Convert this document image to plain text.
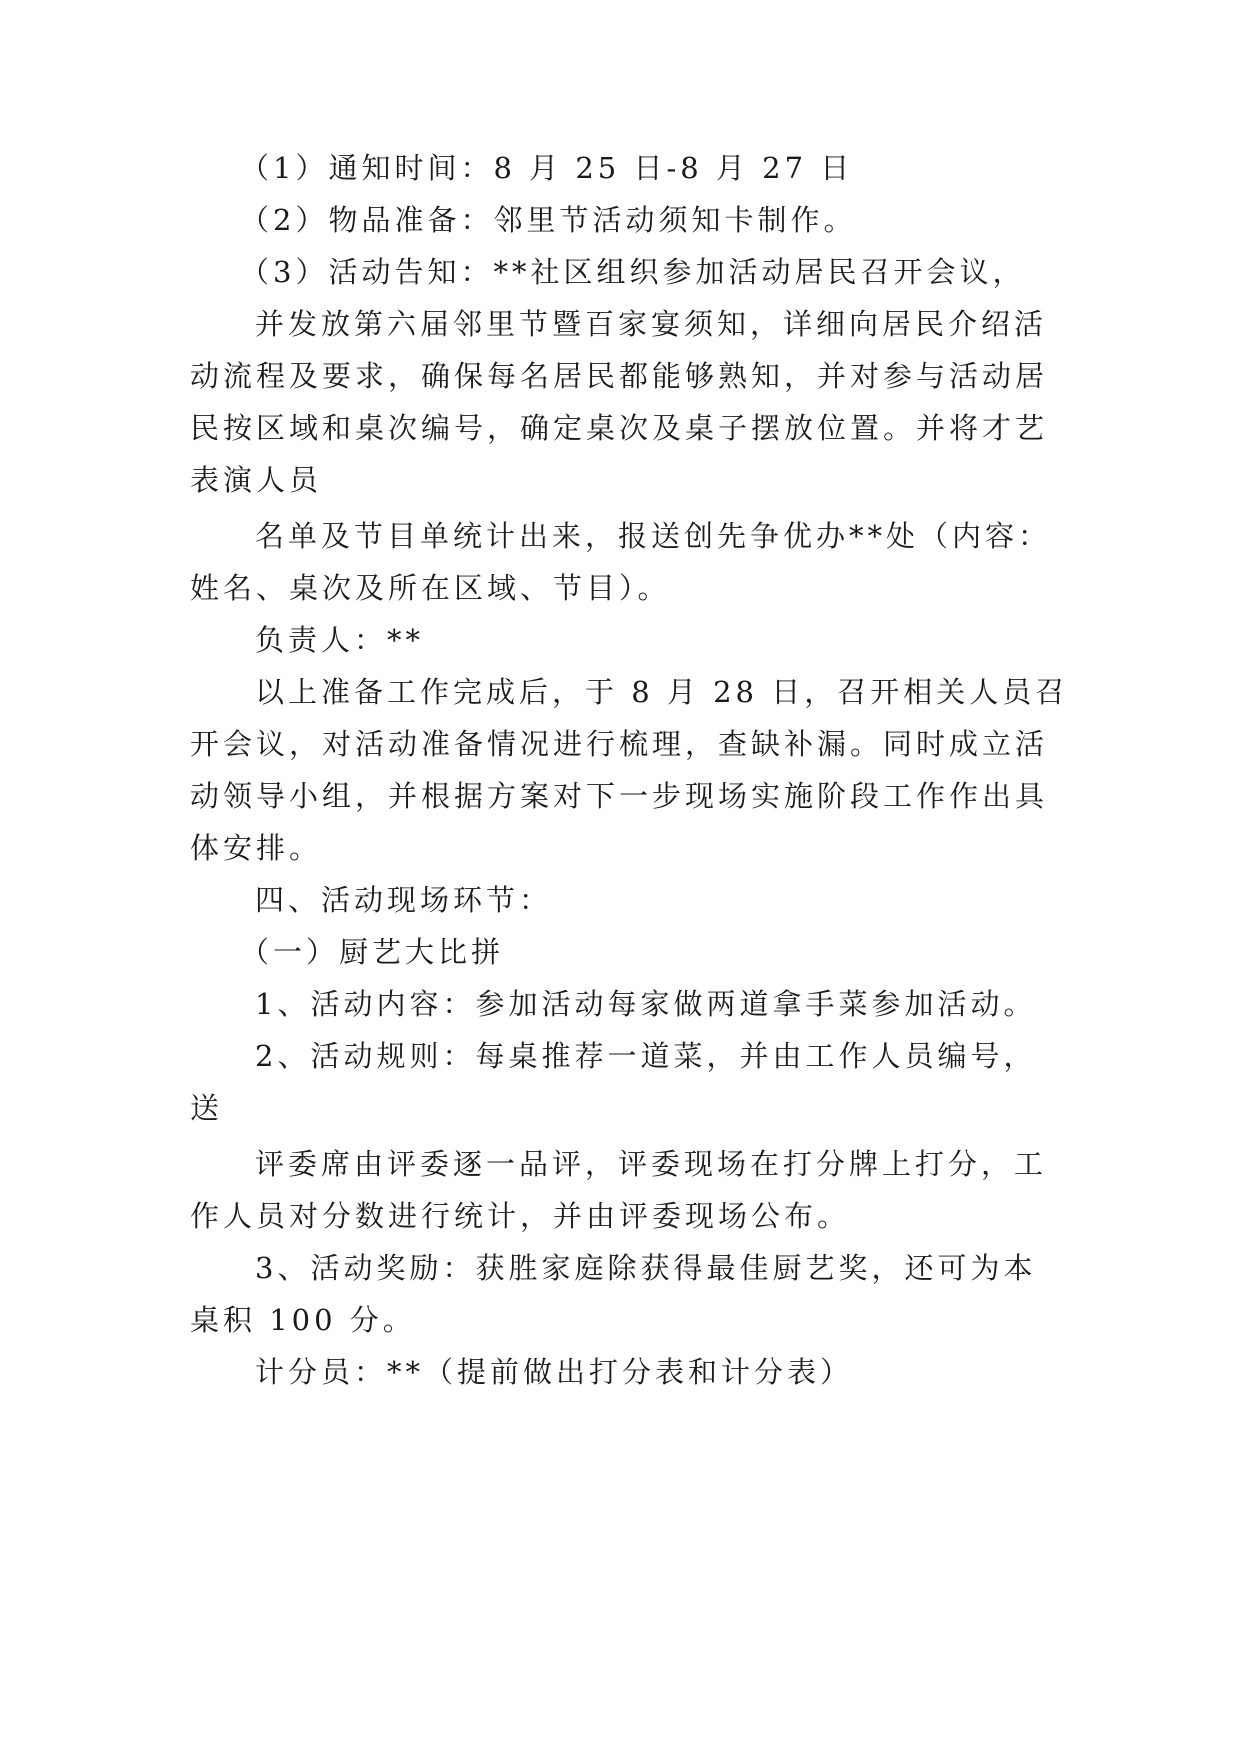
（1）通知时间：8 月 25 日-8 月 27 日
（2）物品准备：邻里节活动须知卡制作。
（3）活动告知：**社区组织参加活动居民召开会议，
并发放第六届邻里节暨百家宴须知，详细向居民介绍活
动流程及要求，确保每名居民都能够熟知，并对参与活动居
民按区域和桌次编号，确定桌次及桌子摆放位置。并将才艺
表演人员
名单及节目单统计出来，报送创先争优办**处（内容：
姓名、桌次及所在区域、节目）。
负责人：**
以上准备工作完成后，于 8 月 28 日，召开相关人员召
开会议，对活动准备情况进行梳理，查缺补漏。同时成立活
动领导小组，并根据方案对下一步现场实施阶段工作作出具
体安排。
四、活动现场环节：
（一）厨艺大比拼
1、活动内容：参加活动每家做两道拿手菜参加活动。
2、活动规则：每桌推荐一道菜，并由工作人员编号，
送
评委席由评委逐一品评，评委现场在打分牌上打分，工
作人员对分数进行统计，并由评委现场公布。
3、活动奖励：获胜家庭除获得最佳厨艺奖，还可为本
桌积 100 分。
计分员：**（提前做出打分表和计分表）
